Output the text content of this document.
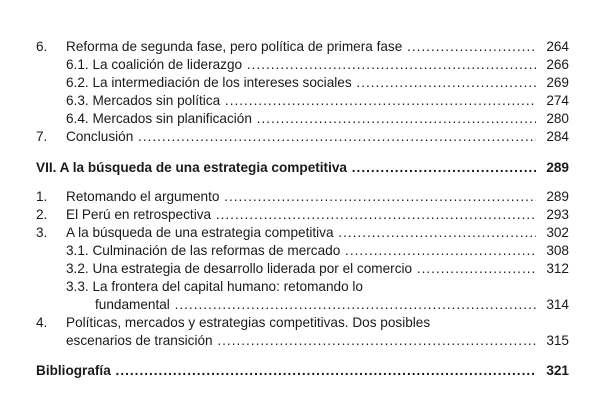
6. Reforma de segunda fase, pero política de primera fase .....	264
6.1. La coalición de liderazgo .....	266
6.2. La intermediación de los intereses sociales .....	269
6.3. Mercados sin política .....	274
6.4. Mercados sin planificación .....	280
7. Conclusión .....	284
VII. A la búsqueda de una estrategia competitiva .....	289
1. Retomando el argumento .....	289
2. El Perú en retrospectiva .....	293
3. A la búsqueda de una estrategia competitiva .....	302
3.1. Culminación de las reformas de mercado .....	308
3.2. Una estrategia de desarrollo liderada por el comercio .....	312
3.3. La frontera del capital humano: retomando lo
fundamental .....	314
4. Políticas, mercados y estrategias competitivas. Dos posibles
escenarios de transición .....	315
Bibliografía .....	321
